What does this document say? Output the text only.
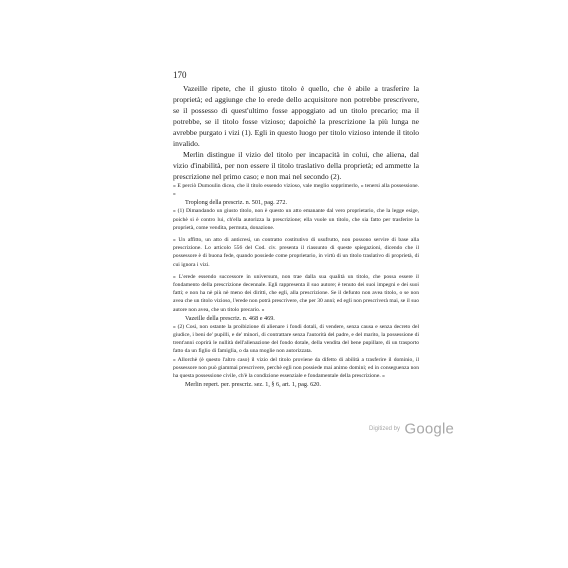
170

Vazeille ripete, che il giusto titolo è quello, che è abile a trasferire la proprietà; ed aggiunge che lo erede dello acquisitore non potrebbe prescrivere, se il possesso di quest'ultimo fosse appoggiato ad un titolo precario; ma il potrebbe, se il titolo fosse vizioso; dapoichè la prescrizione la più lunga ne avrebbe purgato i vizi (1). Egli in questo luogo per titolo vizioso intende il titolo invalido.

Merlin distingue il vizio del titolo per incapacità in colui, che aliena, dal vizio d'inabilità, per non essere il titolo traslativo della proprietà; ed ammette la prescrizione nel primo caso; e non mai nel secondo (2).

« E perciò Dumoulin dicea, che il titolo essendo vizioso, vale meglio sopprimerlo, « tenersi alla possessione. »

Troplong della prescriz. n. 501, pag. 272.

» (1) Dimandando un giusto titolo, non è questo un atto emanante dal vero proprietario, che la legge esige, poichè si è contro lui, ch'ella autorizza la prescrizione; ella vuole un titolo, che sia fatto per trasferire la proprietà, come vendita, permuta, donazione.

» Un affitto, un atto di anticresi, un contratto costitutivo di usufrutto, non possono servire di base alla prescrizione. Lo articolo 556 del Cod. civ. presenta il riassunto di queste spiegazioni, dicendo che il possessore è di buona fede, quando possiede come proprietario, in virtù di un titolo traslativo di proprietà, di cui ignora i vizi.

» L'erede essendo successore in universum, non trae dalla sua qualità un titolo, che possa essere il fondamento della prescrizione decennale. Egli rappresenta il suo autore; è tenuto dei suoi impegni e dei suoi fatti; e non ha nè più nè meno dei diritti, che egli, alla prescrizione. Se il defunto non avea titolo, o se non avea che un titolo vizioso, l'erede non potrà prescrivere, che per 30 anni; ed egli non prescriverà mai, se il suo autore non avea, che un titolo precario. »

Vazeille della prescriz. n. 468 e 469.

» (2) Così, non ostante la proibizione di alienare i fondi dotali, di vendere, senza causa e senza decreto del giudice, i beni de' pupilli, e de' minori, di contrattare senza l'autorità del padre, e del marito, la possessione di trent'anni coprirà le nullità dell'alienazione del fondo dotale, della vendita del bene pupillare, di un trasporto fatto da un figlio di famiglia, o da una moglie non autorizzata.

» Allorchè (è questo l'altro caso) il vizio del titolo proviene da difetto di abilità a trasferire il dominio, il possessore non può giammai prescrivere, perchè egli non possiede mai animo domini; ed in conseguenza non ha questa possessione civile, ch'è la condizione essenziale e fondamentale della prescrizione. »

Merlin repert. per. prescriz. sez. 1, § 6, art. 1, pag. 620.

Digitized by Google
